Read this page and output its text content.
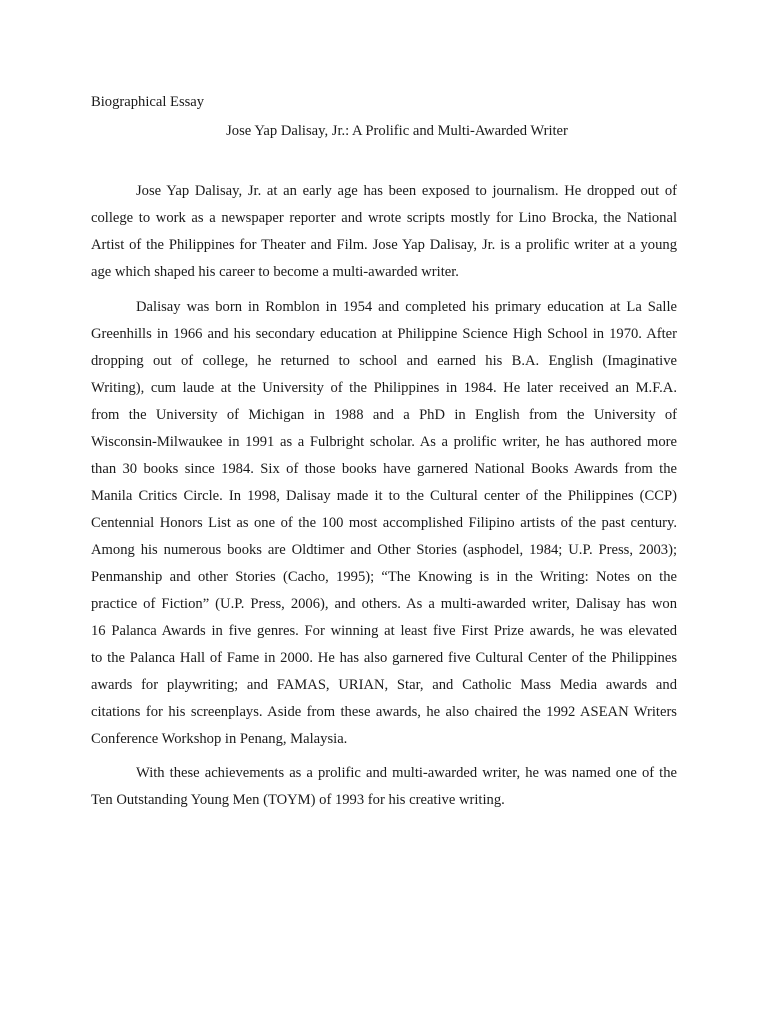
Biographical Essay
Jose Yap Dalisay, Jr.: A Prolific and Multi-Awarded Writer
Jose Yap Dalisay, Jr. at an early age has been exposed to journalism. He dropped out of
college to work as a newspaper reporter and wrote scripts mostly for Lino Brocka, the National
Artist of the Philippines for Theater and Film. Jose Yap Dalisay, Jr. is a prolific writer at a young
age which shaped his career to become a multi-awarded writer.
Dalisay was born in Romblon in 1954 and completed his primary education at La Salle
Greenhills in 1966 and his secondary education at Philippine Science High School in 1970. After
dropping out of college, he returned to school and earned his B.A. English (Imaginative
Writing), cum laude at the University of the Philippines in 1984. He later received an M.F.A.
from the University of Michigan in 1988 and a PhD in English from the University of
Wisconsin-Milwaukee in 1991 as a Fulbright scholar. As a prolific writer, he has authored more
than 30 books since 1984. Six of those books have garnered National Books Awards from the
Manila Critics Circle. In 1998, Dalisay made it to the Cultural center of the Philippines (CCP)
Centennial Honors List as one of the 100 most accomplished Filipino artists of the past century.
Among his numerous books are Oldtimer and Other Stories (asphodel, 1984; U.P. Press, 2003);
Penmanship and other Stories (Cacho, 1995); “The Knowing is in the Writing: Notes on the
practice of Fiction” (U.P. Press, 2006), and others. As a multi-awarded writer, Dalisay has won
16 Palanca Awards in five genres. For winning at least five First Prize awards, he was elevated
to the Palanca Hall of Fame in 2000. He has also garnered five Cultural Center of the Philippines
awards for playwriting; and FAMAS, URIAN, Star, and Catholic Mass Media awards and
citations for his screenplays. Aside from these awards, he also chaired the 1992 ASEAN Writers
Conference Workshop in Penang, Malaysia.
With these achievements as a prolific and multi-awarded writer, he was named one of the
Ten Outstanding Young Men (TOYM) of 1993 for his creative writing.
